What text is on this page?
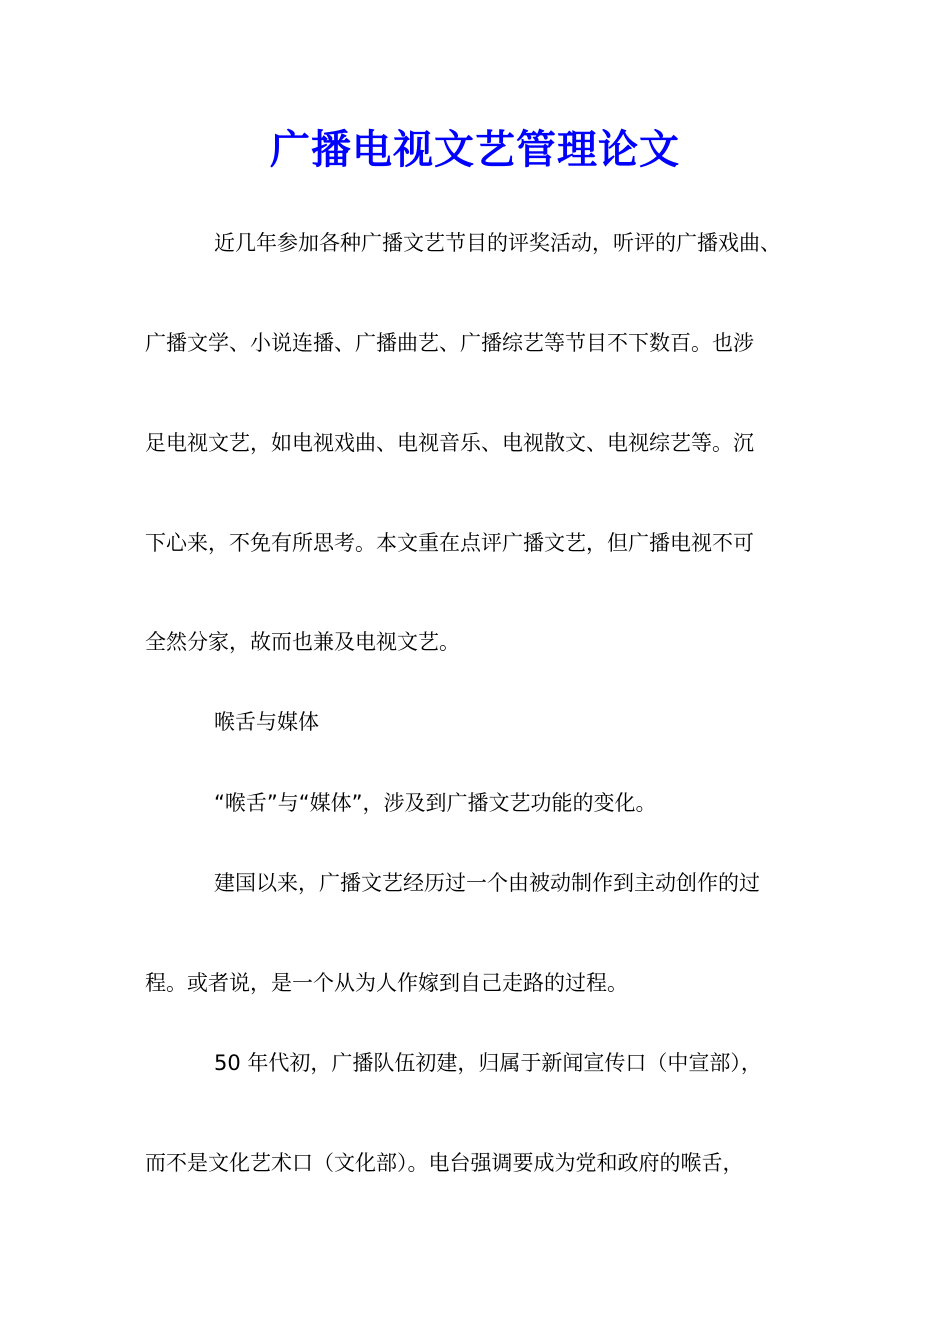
广播电视文艺管理论文
近几年参加各种广播文艺节目的评奖活动，听评的广播戏曲、
广播文学、小说连播、广播曲艺、广播综艺等节目不下数百。也涉
足电视文艺，如电视戏曲、电视音乐、电视散文、电视综艺等。沉
下心来，不免有所思考。本文重在点评广播文艺，但广播电视不可
全然分家，故而也兼及电视文艺。
喉舌与媒体
“喉舌”与“媒体”，涉及到广播文艺功能的变化。
建国以来，广播文艺经历过一个由被动制作到主动创作的过
程。或者说，是一个从为人作嫁到自己走路的过程。
50 年代初，广播队伍初建，归属于新闻宣传口（中宣部），
而不是文化艺术口（文化部）。电台强调要成为党和政府的喉舌，
